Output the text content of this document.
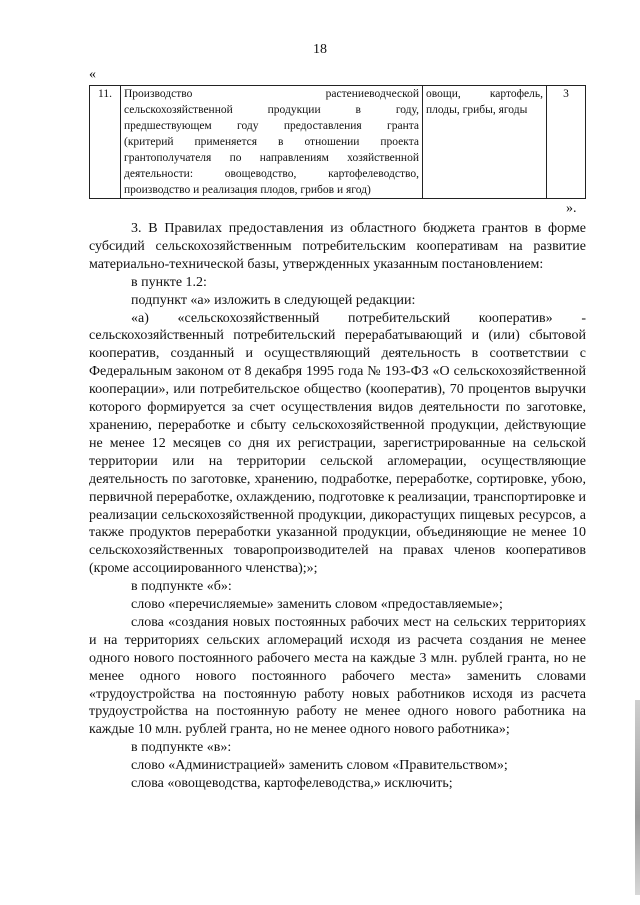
18
«
11.	Производство растениеводческой
сельскохозяйственной продукции в году,
предшествующем году предоставления гранта
(критерий применяется в отношении проекта
грантополучателя по направлениям хозяйственной
деятельности: овощеводство, картофелеводство,
производство и реализация плодов, грибов и ягод)
	овощи, картофель, плоды, грибы, ягоды	3
».

3. В Правилах предоставления из областного бюджета грантов в форме субсидий сельскохозяйственным потребительским кооперативам на развитие материально-технической базы, утвержденных указанным постановлением:

в пункте 1.2:

подпункт «а» изложить в следующей редакции:

«а) «сельскохозяйственный потребительский кооператив» - сельскохозяйственный потребительский перерабатывающий и (или) сбытовой кооператив, созданный и осуществляющий деятельность в соответствии с Федеральным законом от 8 декабря 1995 года № 193-ФЗ «О сельскохозяйственной кооперации», или потребительское общество (кооператив), 70 процентов выручки которого формируется за счет осуществления видов деятельности по заготовке, хранению, переработке и сбыту сельскохозяйственной продукции, действующие не менее 12 месяцев со дня их регистрации, зарегистрированные на сельской территории или на территории сельской агломерации, осуществляющие деятельность по заготовке, хранению, подработке, переработке, сортировке, убою, первичной переработке, охлаждению, подготовке к реализации, транспортировке и реализации сельскохозяйственной продукции, дикорастущих пищевых ресурсов, а также продуктов переработки указанной продукции, объединяющие не менее 10 сельскохозяйственных товаропроизводителей на правах членов кооперативов (кроме ассоциированного членства);»;

в подпункте «б»:

слово «перечисляемые» заменить словом «предоставляемые»;

слова «создания новых постоянных рабочих мест на сельских территориях и на территориях сельских агломераций исходя из расчета создания не менее одного нового постоянного рабочего места на каждые 3 млн. рублей гранта, но не менее одного нового постоянного рабочего места» заменить словами «трудоустройства на постоянную работу новых работников исходя из расчета трудоустройства на постоянную работу не менее одного нового работника на каждые 10 млн. рублей гранта, но не менее одного нового работника»;

в подпункте «в»:

слово «Администрацией» заменить словом «Правительством»;

слова «овощеводства, картофелеводства,» исключить;
